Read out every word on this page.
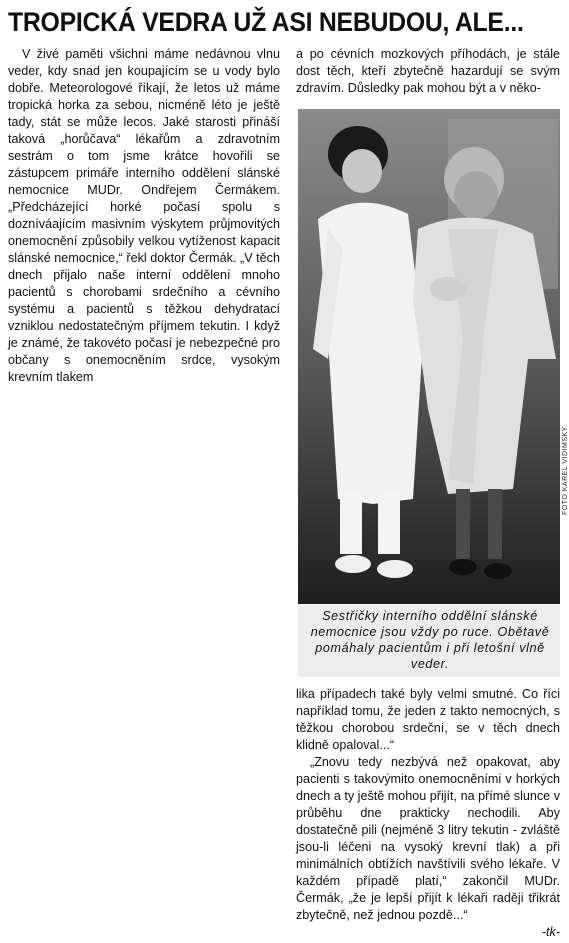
TROPICKÁ VEDRA UŽ ASI NEBUDOU, ALE...

V živé paměti všichni máme nedávnou vlnu veder, kdy snad jen koupajícím se u vody bylo dobře. Meteorologové říkají, že letos už máme tropická horka za sebou, nicméně léto je ještě tady, stát se může lecos. Jaké starosti přináší taková „horůčava“ lékařům a zdravotním sestrám o tom jsme krátce hovořili se zástupcem primáře interního oddělení slánské nemocnice MUDr. Ondřejem Čermákem. „Předcházející horké počasí spolu s dozníváajícím masivním výskytem průjmovitých onemocnění způsobily velkou vytíženost kapacit slánské nemocnice,“ řekl doktor Čermák. „V těch dnech přijalo naše interní oddělení mnoho pacientů s chorobami srdečního a cévního systému a pacientů s těžkou dehydratací vzniklou nedostatečným příjmem tekutin. I když je známé, že takovéto počasí je nebezpečné pro občany s onemocněním srdce, vysokým krevním tlakem

a po cévních mozkových příhodách, je stále dost těch, kteří zbytečně hazardují se svým zdravím. Důsledky pak mohou být a v něko-

FOTO KAREL VIDIMSKÝ
Sestřičky interního oddělní slánské nemocnice jsou vždy po ruce. Obětavě pomáhaly pacientům i při letošní vlně veder.

lika případech také byly velmi smutné. Co říci například tomu, že jeden z takto nemocných, s těžkou chorobou srdeční, se v těch dnech klidně opaloval...“

„Znovu tedy nezbývá než opakovat, aby pacienti s takovýmito onemocněními v horkých dnech a ty ještě mohou přijít, na přímé slunce v průběhu dne prakticky nechodili. Aby dostatečně pili (nejméně 3 litry tekutin - zvláště jsou-li léčeni na vysoký krevní tlak) a při minimálních obtížích navštívili svého lékaře. V každém případě platí,“ zakončil MUDr. Čermák, „že je lepší přijít k lékaři raději třikrát zbytečně, než jednou pozdě...“

-tk-
